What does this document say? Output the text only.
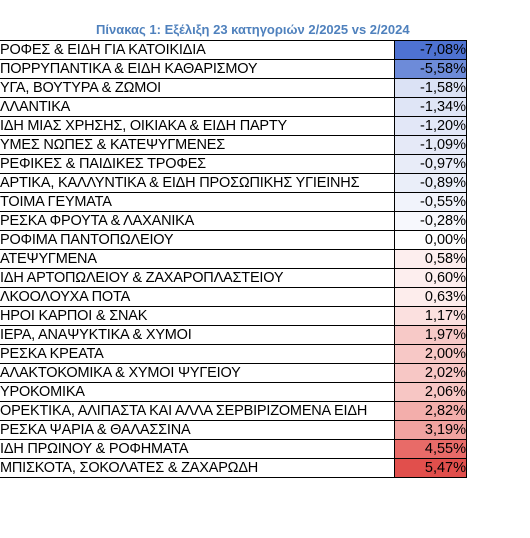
Πίνακας 1: Εξέλιξη 23 κατηγοριών 2/2025 vs 2/2024
ΡΟΦΕΣ & ΕΙΔΗ ΓΙΑ ΚΑΤΟΙΚΙΔΙΑ	-7,08%
ΠΟΡΡΥΠΑΝΤΙΚΑ & ΕΙΔΗ ΚΑΘΑΡΙΣΜΟΥ	-5,58%
ΥΓΑ, ΒΟΥΤΥΡΑ & ΖΩΜΟΙ	-1,58%
ΛΛΑΝΤΙΚΑ	-1,34%
ΙΔΗ ΜΙΑΣ ΧΡΗΣΗΣ, ΟΙΚΙΑΚΑ & ΕΙΔΗ ΠΑΡΤΥ	-1,20%
ΥΜΕΣ ΝΩΠΕΣ & ΚΑΤΕΨΥΓΜΕΝΕΣ	-1,09%
ΡΕΦΙΚΕΣ & ΠΑΙΔΙΚΕΣ ΤΡΟΦΕΣ	-0,97%
ΑΡΤΙΚΑ, ΚΑΛΛΥΝΤΙΚΑ & ΕΙΔΗ ΠΡΟΣΩΠΙΚΗΣ ΥΓΙΕΙΝΗΣ	-0,89%
ΤΟΙΜΑ ΓΕΥΜΑΤΑ	-0,55%
ΡΕΣΚΑ ΦΡΟΥΤΑ & ΛΑΧΑΝΙΚΑ	-0,28%
ΡΟΦΙΜΑ ΠΑΝΤΟΠΩΛΕΙΟΥ	0,00%
ΑΤΕΨΥΓΜΕΝΑ	0,58%
ΙΔΗ ΑΡΤΟΠΩΛΕΙΟΥ & ΖΑΧΑΡΟΠΛΑΣΤΕΙΟΥ	0,60%
ΛΚΟΟΛΟΥΧΑ ΠΟΤΑ	0,63%
ΗΡΟΙ ΚΑΡΠΟΙ & ΣΝΑΚ	1,17%
ΙΕΡΑ, ΑΝΑΨΥΚΤΙΚΑ & ΧΥΜΟΙ	1,97%
ΡΕΣΚΑ ΚΡΕΑΤΑ	2,00%
ΑΛΑΚΤΟΚΟΜΙΚΑ & ΧΥΜΟΙ ΨΥΓΕΙΟΥ	2,02%
ΥΡΟΚΟΜΙΚΑ	2,06%
ΟΡΕΚΤΙΚΑ, ΑΛΙΠΑΣΤΑ ΚΑΙ ΑΛΛΑ ΣΕΡΒΙΡΙΖΟΜΕΝΑ ΕΙΔΗ	2,82%
ΡΕΣΚΑ ΨΑΡΙΑ & ΘΑΛΑΣΣΙΝΑ	3,19%
ΙΔΗ ΠΡΩΙΝΟΥ & ΡΟΦΗΜΑΤΑ	4,55%
ΜΠΙΣΚΟΤΑ, ΣΟΚΟΛΑΤΕΣ & ΖΑΧΑΡΩΔΗ	5,47%
